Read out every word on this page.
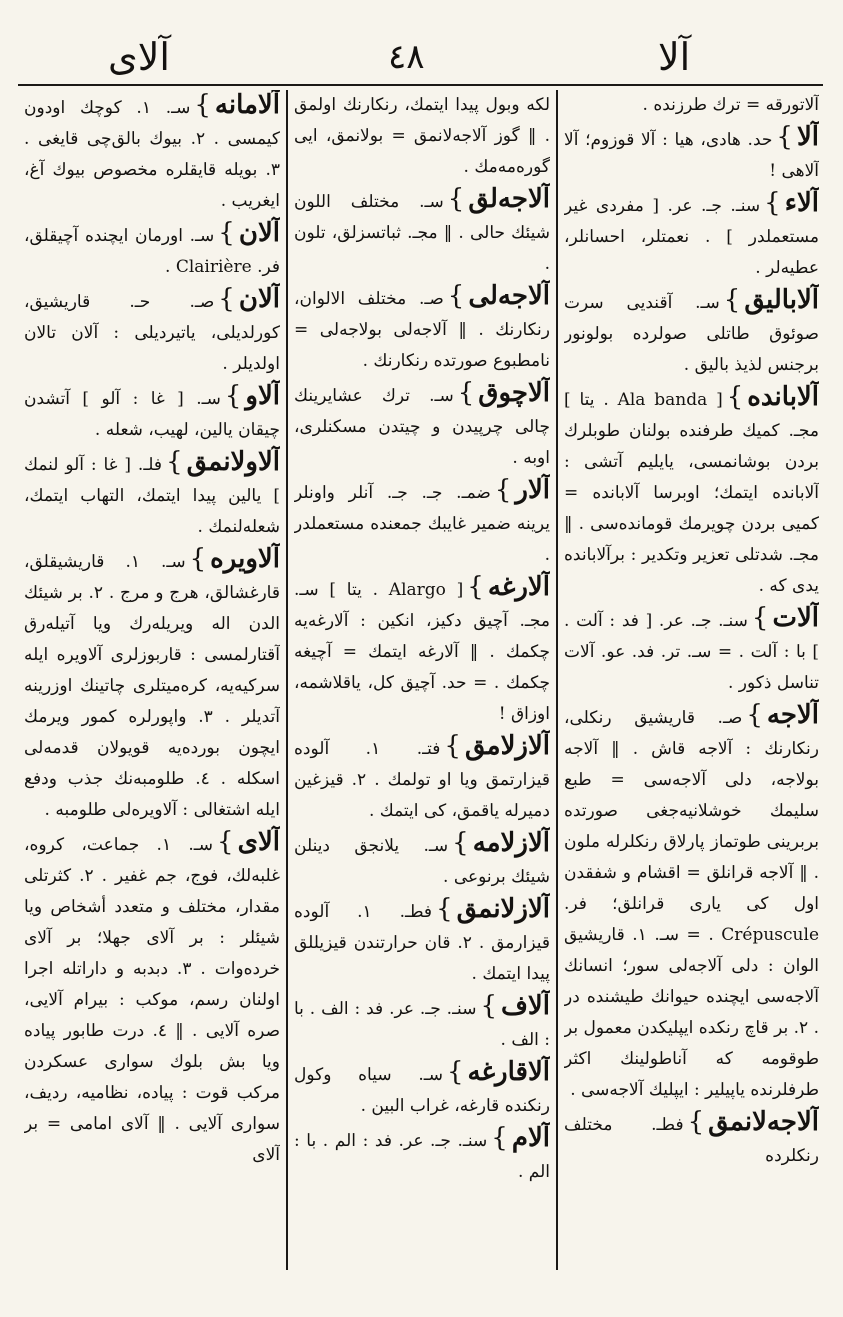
آلاى	٤٨	آلا
آلاتورقه = ترك طرزنده .
آلا}حد. هادى، هيا : آلا قوزوم؛ آلا آلاهى !
آلاء}سنـ. جـ. عر. [ مفردى غير مستعملدر ] . نعمتلر، احسانلر، عطيه‌لر .
آلابالیق}سـ. آقنديى سرت صوئوق طاتلى صولرده بولونور برجنس لذيذ باليق .
آلاباندە}[ Ala banda . يتا ] مجـ. كميك طرفنده بولنان طوبلرك بردن بوشانمسى، يايليم آتشى : آلاباندە ايتمك؛ اوبرسا آلاباندە = كميى بردن چويرمك قوماندەسى . ‖ مجـ. شدتلى تعزير وتكدير : برآلاباندە يدى كه .
آلات}سنـ. جـ. عر. [ فد : آلت . ] با : آلت . = سـ. تر. فد. عو. آلات تناسل ذكور .
آلاجه}صـ. قاريشيق رنكلى، رنكارنك : آلاجه قاش . ‖ آلاجه بولاجه، دلى آلاجه‌سى = طبع سليمك خوشلانيه‌جغى صورتده بربرينى طوتماز پارلاق رنكلرله ملون . ‖ آلاجه قرانلق = اقشام و شفقدن اول كى يارى قرانلق؛ فر. Crépuscule . = سـ. ١. قاريشيق الوان : دلى آلاجه‌لى سور؛ انسانك آلاجه‌سى ايچنده حيوانك طيشنده در . ٢. بر قاچ رنكده ايپليكدن معمول بر طوقومه كه آناطولينك اكثر طرفلرنده ياپيلير : ايپليك آلاجه‌سى .
آلاجه‌لانمق}فطـ. مختلف رنكلرده
لكه وبول پيدا ايتمك، رنكارنك اولمق . ‖ گوز آلاجه‌لانمق = بولانمق، ايى گوره‌مه‌مك .
آلاجه‌لق}سـ. مختلف اللون شيئك حالى . ‖ مجـ. ثباتسزلق، تلون .
آلاجه‌لى}صـ. مختلف الالوان، رنكارنك . ‖ آلاجه‌لى بولاجه‌لى = نامطبوع صورتده رنكارنك .
آلاچوق}سـ. ترك عشايرينك چالى چرپيدن و چيتدن مسكنلرى، اوبه .
آلار}ضمـ. جـ. جـ. آنلر واونلر يرينه ضمير غايبك جمعنده مستعملدر .
آلارغه}[ Alargo . يتا ] سـ. مجـ. آچيق دكيز، انكين : آلارغه‌يه چكمك . ‖ آلارغه ايتمك = آچيغه چكمك . = حد. آچيق كل، ياقلاشمه، اوزاق !
آلازلامق}فتـ. ١. آلوده قيزارتمق ويا او تولمك . ٢. قيزغين دميرله ياقمق، كى ايتمك .
آلازلامه}سـ. يلانجق دينلن شيئك برنوعى .
آلازلانمق}فطـ. ١. آلوده قيزارمق . ٢. قان حرارتندن قيزيللق پيدا ايتمك .
آلاف}سنـ. جـ. عر. فد : الف . با : الف .
آلاقارغه}سـ. سياه وكول رنكنده قارغه، غراب البين .
آلام}سنـ. جـ. عر. فد : الم . با : الم .
آلامانه}سـ. ١. كوچك اودون كيمسى . ٢. بيوك بالق‌چى قايغى . ٣. بويله قايقلره مخصوص بيوك آغ، ايغريب .
آلان}سـ. اورمان ايچنده آچيقلق، فر. Clairière .
آلان}صـ. حـ. قاريشيق، كورلديلى، ياتيرديلى : آلان تالان اولديلر .
آلاو}سـ. [ غا : آلو ] آتشدن چيقان يالين، لهيب، شعله .
آلاولانمق}فلـ. [ غا : آلو لنمك ] يالين پيدا ايتمك، التهاب ايتمك، شعله‌لنمك .
آلاويره}سـ. ١. قاريشيقلق، قارغشالق، هرج و مرج . ٢. بر شيئك الدن اله ويريله‌رك ويا آتيله‌رق آقتارلمسى : قاربوزلرى آلاويره ايله سركيه‌يه، كرەميتلرى چاتينك اوزرينه آتديلر . ٣. واپورلره كمور ويرمك ايچون بورده‌يه قويولان قدمه‌لى اسكله . ٤. طلومبه‌نك جذب ودفع ايله اشتغالى : آلاويره‌لى طلومبه .
آلاى}سـ. ١. جماعت، كروه، غلبه‌لك، فوج، جم غفير . ٢. كثرتلى مقدار، مختلف و متعدد أشخاص ويا شيئلر : بر آلاى جهلا؛ بر آلاى خرده‌وات . ٣. دبدبه و داراتله اجرا اولنان رسم، موكب : بيرام آلايى، صره آلايى . ‖ ٤. درت طابور پياده ويا بش بلوك سوارى عسكردن مركب قوت : پياده، نظاميه، رديف، سوارى آلايى . ‖ آلاى امامى = بر آلاى
